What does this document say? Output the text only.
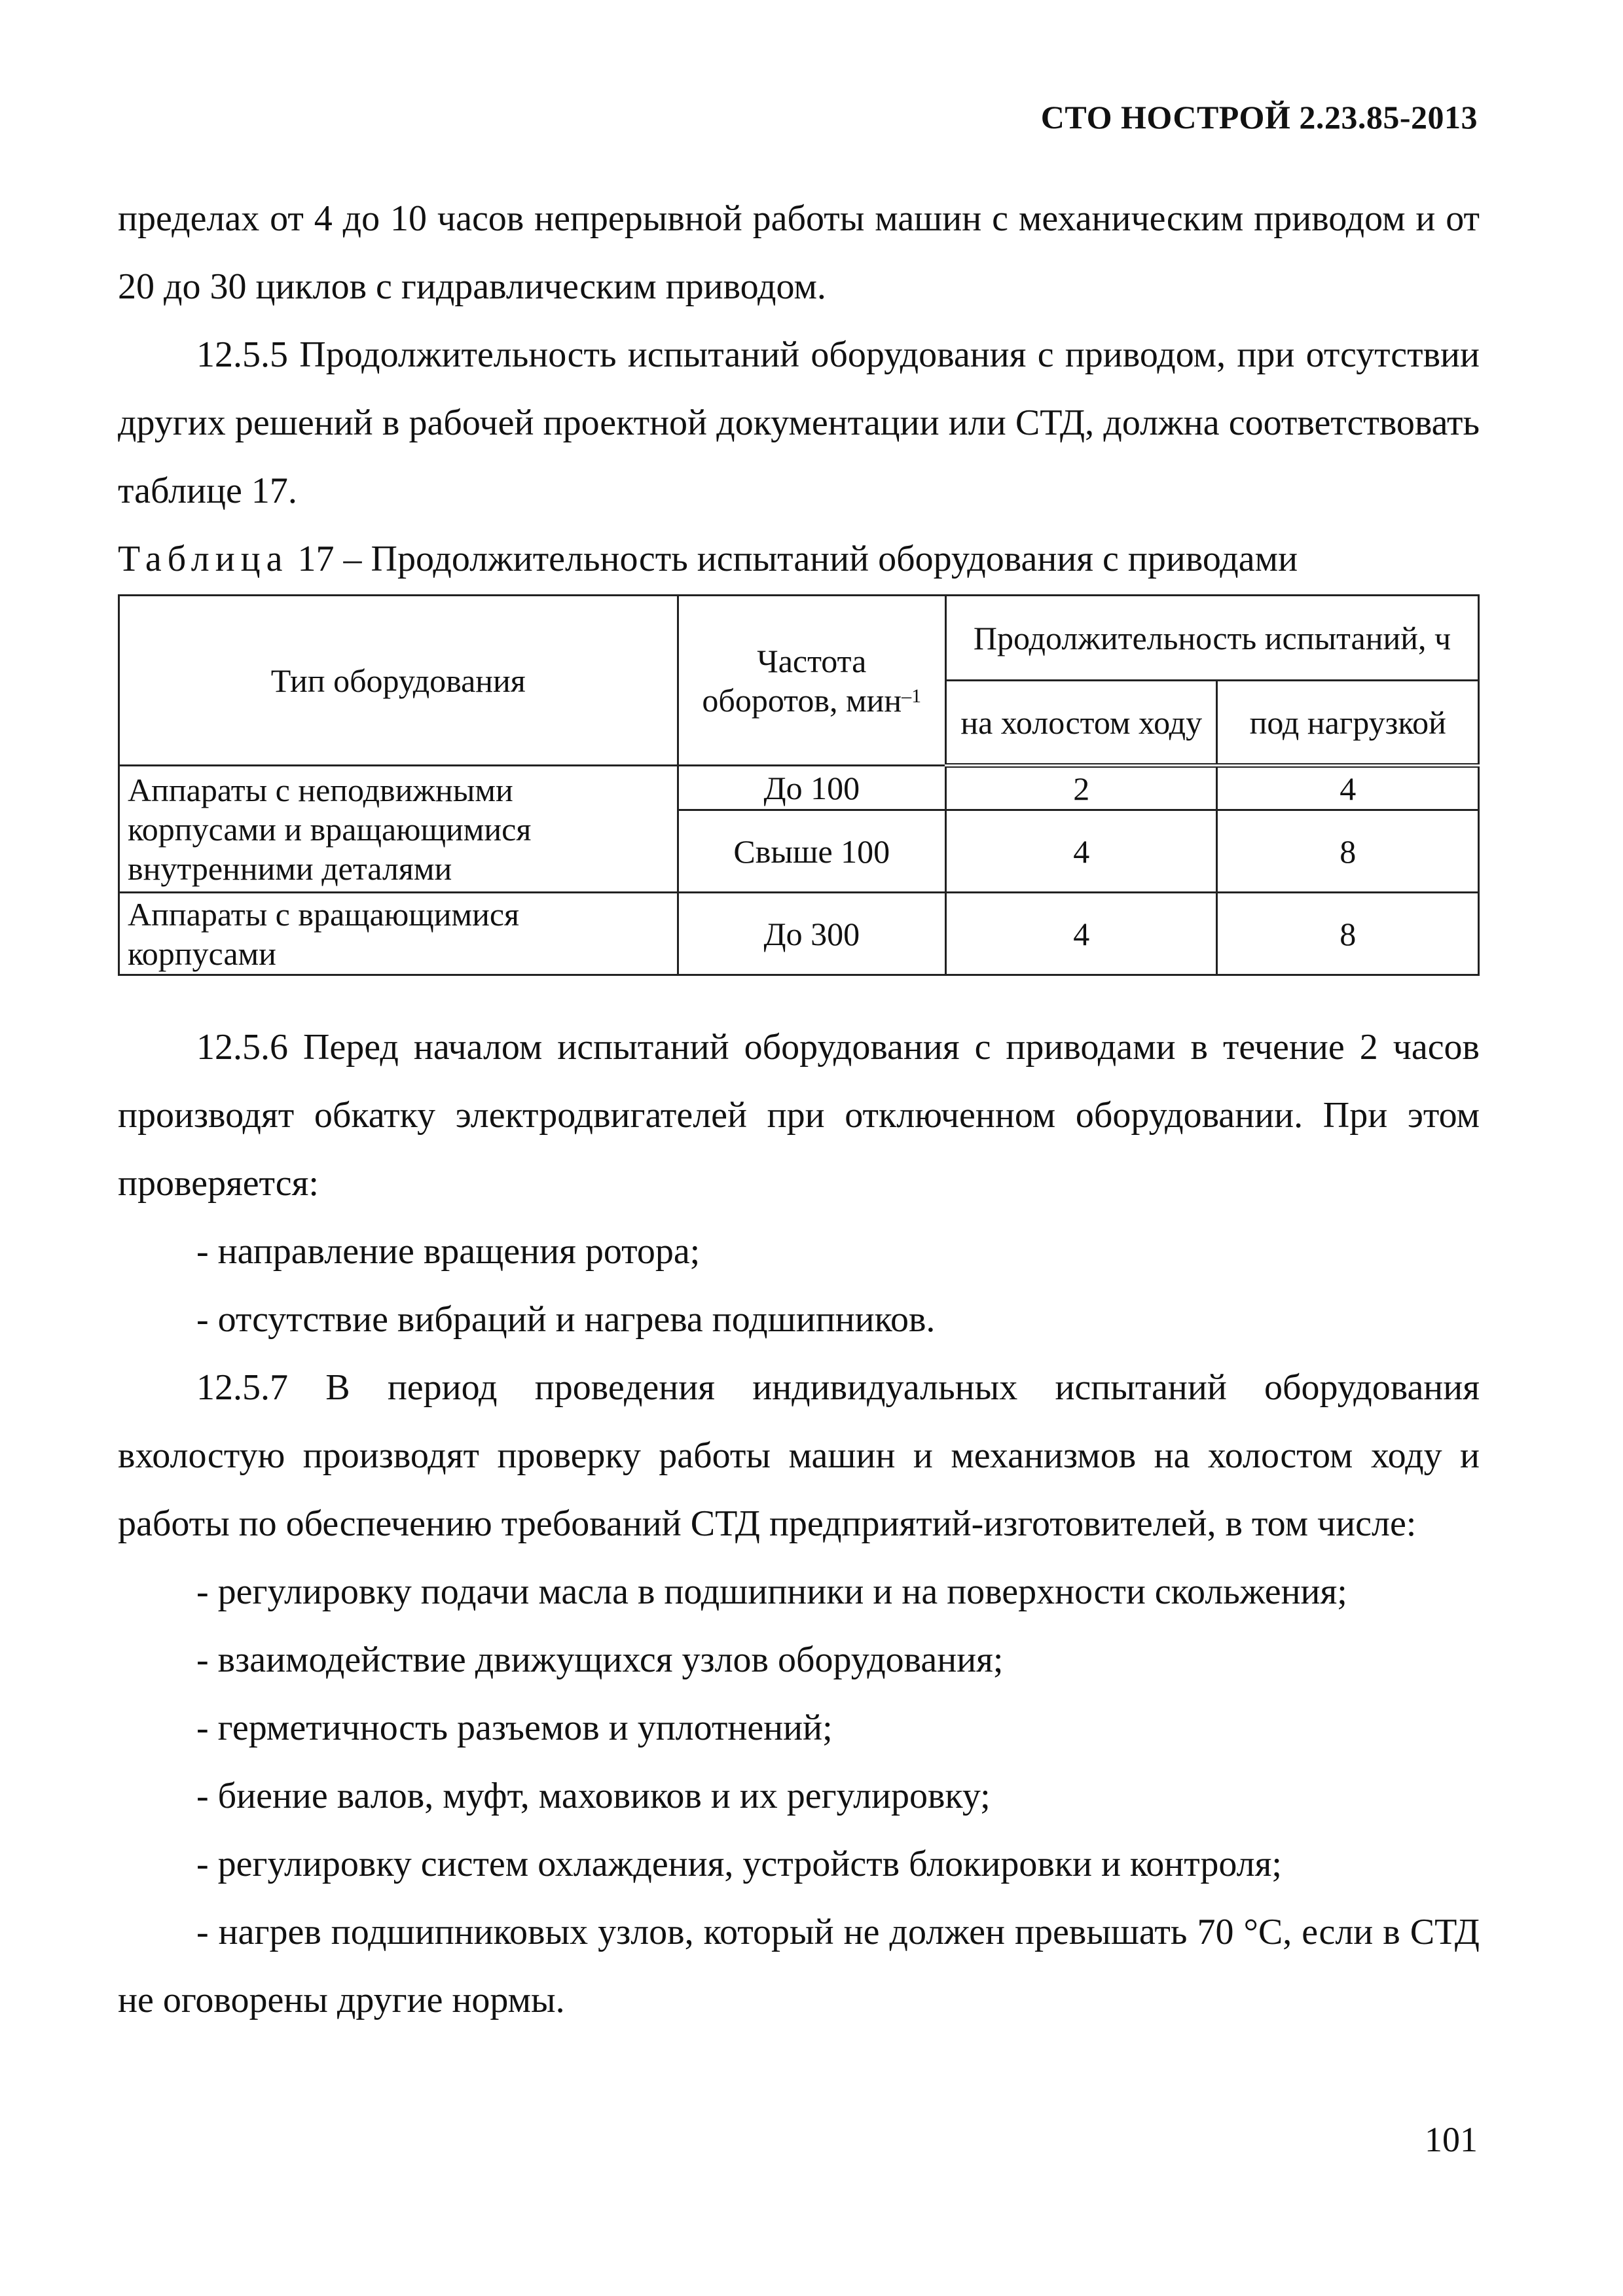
СТО НОСТРОЙ 2.23.85-2013

пределах от 4 до 10 часов непрерывной работы машин с механическим приводом и от 20 до 30 циклов с гидравлическим приводом.

12.5.5 Продолжительность испытаний оборудования с приводом, при отсутствии других решений в рабочей проектной документации или СТД, должна соответствовать таблице 17.

Таблица 17 – Продолжительность испытаний оборудования с приводами

Тип оборудования	Частота оборотов, мин$^{-1}$	Продолжительность испытаний, ч	
		на холостом ходу	под нагрузкой
Аппараты с неподвижными корпусами и вращающимися внутренними деталями	До 100	2	4
	Свыше 100	4	8
Аппараты с вращающимися корпусами	До 300	4	8

12.5.6 Перед началом испытаний оборудования с приводами в течение 2 часов производят обкатку электродвигателей при отключенном оборудовании. При этом проверяется:

- направление вращения ротора;

- отсутствие вибраций и нагрева подшипников.

12.5.7 В период проведения индивидуальных испытаний оборудования вхолостую производят проверку работы машин и механизмов на холостом ходу и работы по обеспечению требований СТД предприятий-изготовителей, в том числе:

- регулировку подачи масла в подшипники и на поверхности скольжения;

- взаимодействие движущихся узлов оборудования;

- герметичность разъемов и уплотнений;

- биение валов, муфт, маховиков и их регулировку;

- регулировку систем охлаждения, устройств блокировки и контроля;

- нагрев подшипниковых узлов, который не должен превышать 70 °С, если в СТД не оговорены другие нормы.

101
